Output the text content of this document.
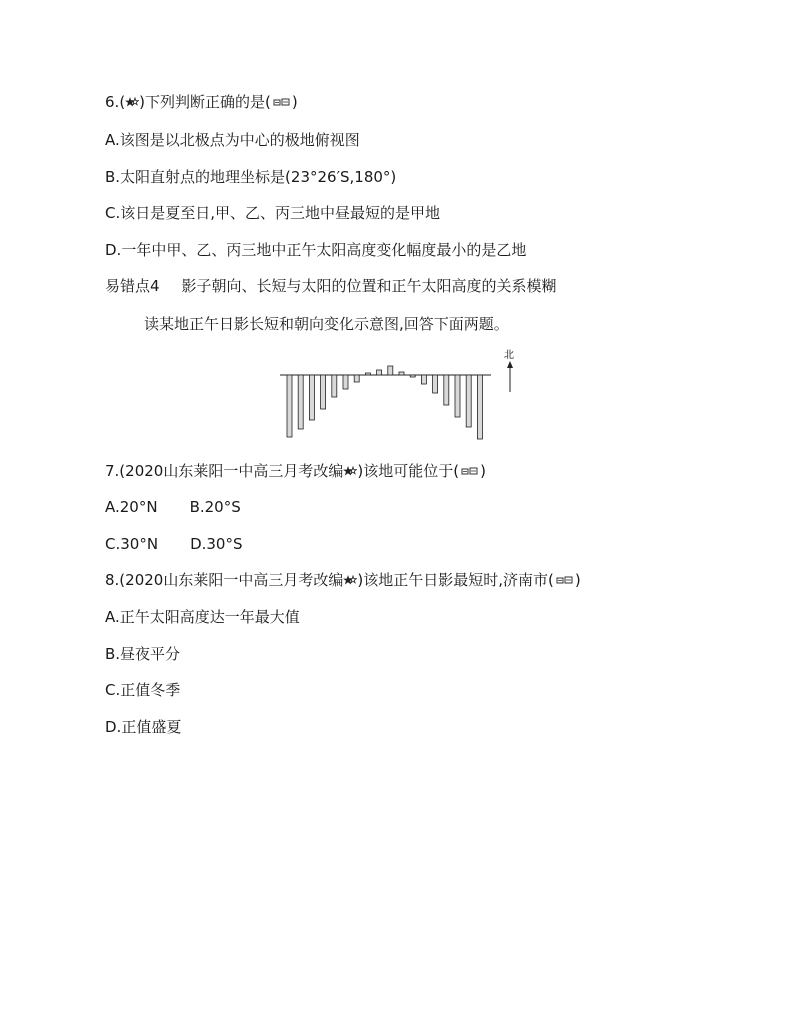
6.( )下列判断正确的是( )
A.该图是以北极点为中心的极地俯视图
B.太阳直射点的地理坐标是(23°26′S,180°)
C.该日是夏至日,甲、乙、丙三地中昼最短的是甲地
D.一年中甲、乙、丙三地中正午太阳高度变化幅度最小的是乙地
易错点4 影子朝向、长短与太阳的位置和正午太阳高度的关系模糊
读某地正午日影长短和朝向变化示意图,回答下面两题。
北
7.(2020山东莱阳一中高三月考改编 )该地可能位于( )
A.20°N B.20°S
C.30°N D.30°S
8.(2020山东莱阳一中高三月考改编 )该地正午日影最短时,济南市( )
A.正午太阳高度达一年最大值
B.昼夜平分
C.正值冬季
D.正值盛夏
